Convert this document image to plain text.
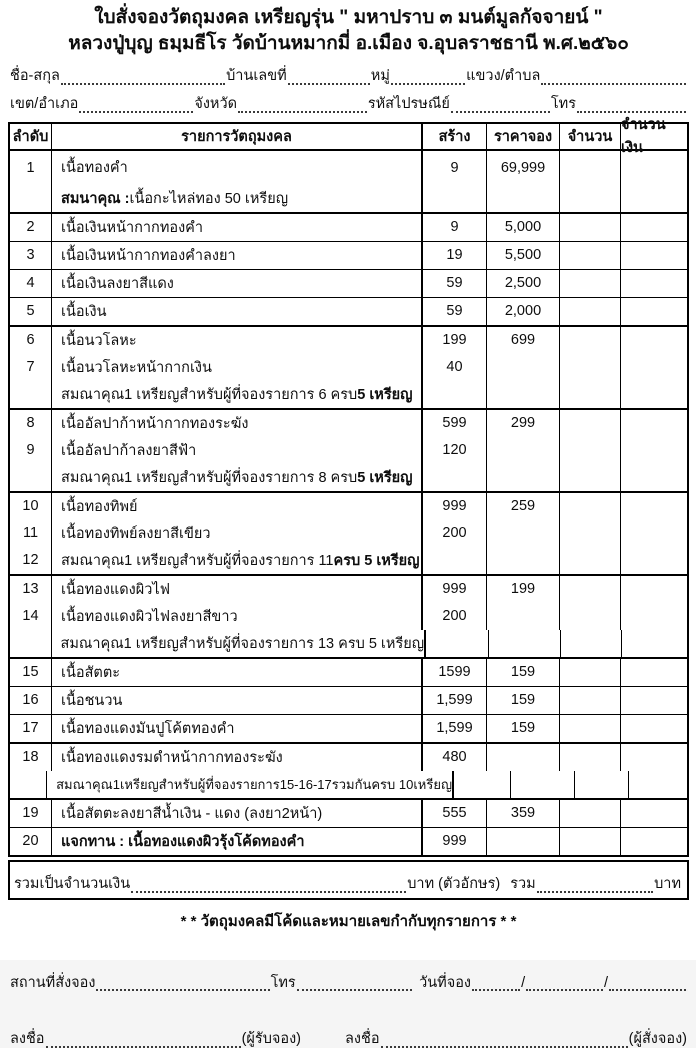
ใบสั่งจองวัตถุมงคล เหรียญรุ่น " มหาปราบ ๓ มนต์มูลกัจจายน์ "
หลวงปู่บุญ ธมฺมธีโร วัดบ้านหมากมี่ อ.เมือง จ.อุบลราชธานี พ.ศ.๒๕๖๐
ชื่อ-สกุล	บ้านเลขที่	หมู่	แขวง/ตำบล
เขต/อำเภอ	จังหวัด	รหัสไปรษณีย์	โทร
ลำดับ	รายการวัตถุมงคล	สร้าง	ราคาจอง	จำนวน
จำนวนเงิน
1 เนื้อทองคำ	9	69,999
สมนาคุณ : เนื้อกะไหล่ทอง 50 เหรียญ
2 เนื้อเงินหน้ากากทองคำ	9	5,000
3 เนื้อเงินหน้ากากทองคำลงยา	19	5,500
4 เนื้อเงินลงยาสีแดง	59	2,500
5 เนื้อเงิน	59	2,000
6 เนื้อนวโลหะ	199	699
7 เนื้อนวโลหะหน้ากากเงิน	40
สมณาคุณ1 เหรียญสำหรับผู้ที่จองรายการ 6 ครบ 5 เหรียญ
8 เนื้ออัลปาก้าหน้ากากทองระฆัง	599	299
9 เนื้ออัลปาก้าลงยาสีฟ้า	120
สมณาคุณ1 เหรียญสำหรับผู้ที่จองรายการ 8 ครบ 5 เหรียญ
10 เนื้อทองทิพย์	999	259
11 เนื้อทองทิพย์ลงยาสีเขียว	200
12 สมณาคุณ1 เหรียญสำหรับผู้ที่จองรายการ 11 ครบ 5 เหรียญ
13 เนื้อทองแดงผิวไฟ	999	199
14 เนื้อทองแดงผิวไฟลงยาสีขาว	200
สมณาคุณ1 เหรียญสำหรับผู้ที่จองรายการ 13 ครบ 5 เหรียญ
15 เนื้อสัตตะ	1599	159
16 เนื้อชนวน	1,599	159
17 เนื้อทองแดงมันปูโค้ตทองคำ	1,599	159
18 เนื้อทองแดงรมดำหน้ากากทองระฆัง	480
สมณาคุณ1เหรียญสำหรับผู้ที่จองรายการ15-16-17รวมกันครบ 10เหรียญ
19 เนื้อสัตตะลงยาสีน้ำเงิน - แดง (ลงยา2หน้า)	555	359
20 แจกทาน : เนื้อทองแดงผิวรุ้งโค้ดทองคำ	999
รวมเป็นจำนวนเงิน	บาท (ตัวอักษร) รวม	บาท
* * วัตถุมงคลมีโค้ดและหมายเลขกำกับทุกรายการ * *
สถานที่สั่งจอง	โทร	วันที่จอง	/	/
ลงชื่อ	(ผู้รับจอง)	ลงชื่อ	(ผู้สั่งจอง)
